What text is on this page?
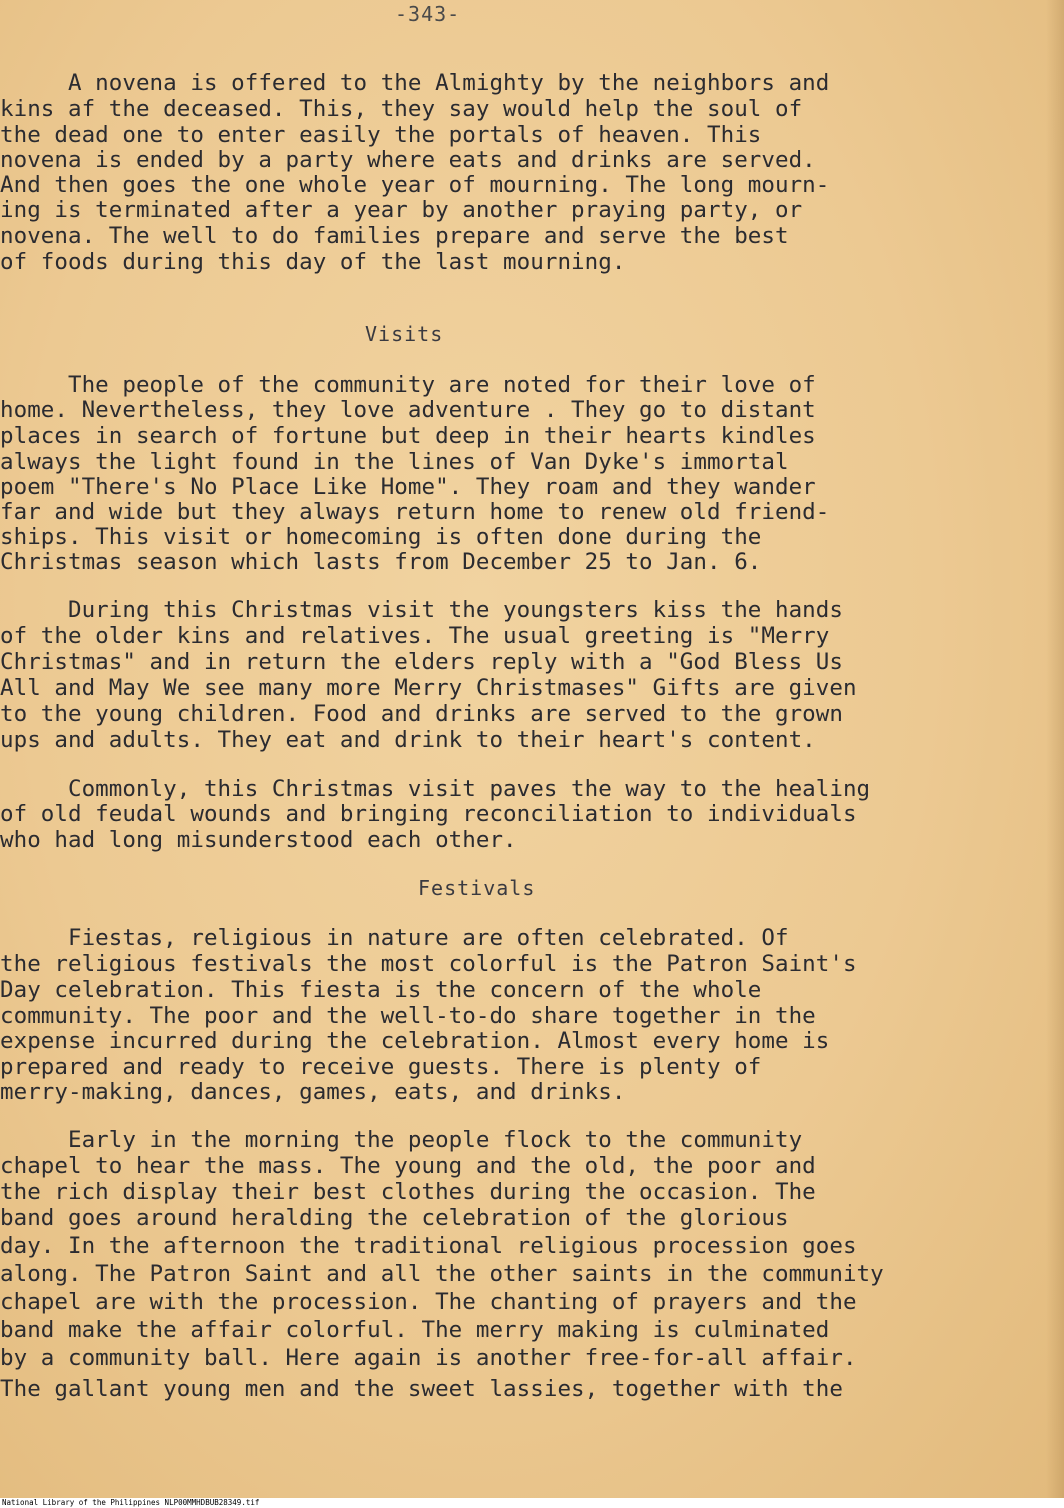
-343-
A novena is offered to the Almighty by the neighbors and
kins af the deceased. This, they say would help the soul of
the dead one to enter easily the portals of heaven. This
novena is ended by a party where eats and drinks are served.
And then goes the one whole year of mourning. The long mourn-
ing is terminated after a year by another praying party, or
novena. The well to do families prepare and serve the best
of foods during this day of the last mourning.
Visits
The people of the community are noted for their love of
home. Nevertheless, they love adventure . They go to distant
places in search of fortune but deep in their hearts kindles
always the light found in the lines of Van Dyke's immortal
poem "There's No Place Like Home". They roam and they wander
far and wide but they always return home to renew old friend-
ships. This visit or homecoming is often done during the
Christmas season which lasts from December 25 to Jan. 6.
During this Christmas visit the youngsters kiss the hands
of the older kins and relatives. The usual greeting is "Merry
Christmas" and in return the elders reply with a "God Bless Us
All and May We see many more Merry Christmases" Gifts are given
to the young children. Food and drinks are served to the grown
ups and adults. They eat and drink to their heart's content.
Commonly, this Christmas visit paves the way to the healing
of old feudal wounds and bringing reconciliation to individuals
who had long misunderstood each other.
Festivals
Fiestas, religious in nature are often celebrated. Of
the religious festivals the most colorful is the Patron Saint's
Day celebration. This fiesta is the concern of the whole
community. The poor and the well-to-do share together in the
expense incurred during the celebration. Almost every home is
prepared and ready to receive guests. There is plenty of
merry-making, dances, games, eats, and drinks.
Early in the morning the people flock to the community
chapel to hear the mass. The young and the old, the poor and
the rich display their best clothes during the occasion. The
band goes around heralding the celebration of the glorious
day. In the afternoon the traditional religious procession goes
along. The Patron Saint and all the other saints in the community
chapel are with the procession. The chanting of prayers and the
band make the affair colorful. The merry making is culminated
by a community ball. Here again is another free-for-all affair.
The gallant young men and the sweet lassies, together with the
National Library of the Philippines NLP00MMHDBUB28349.tif
